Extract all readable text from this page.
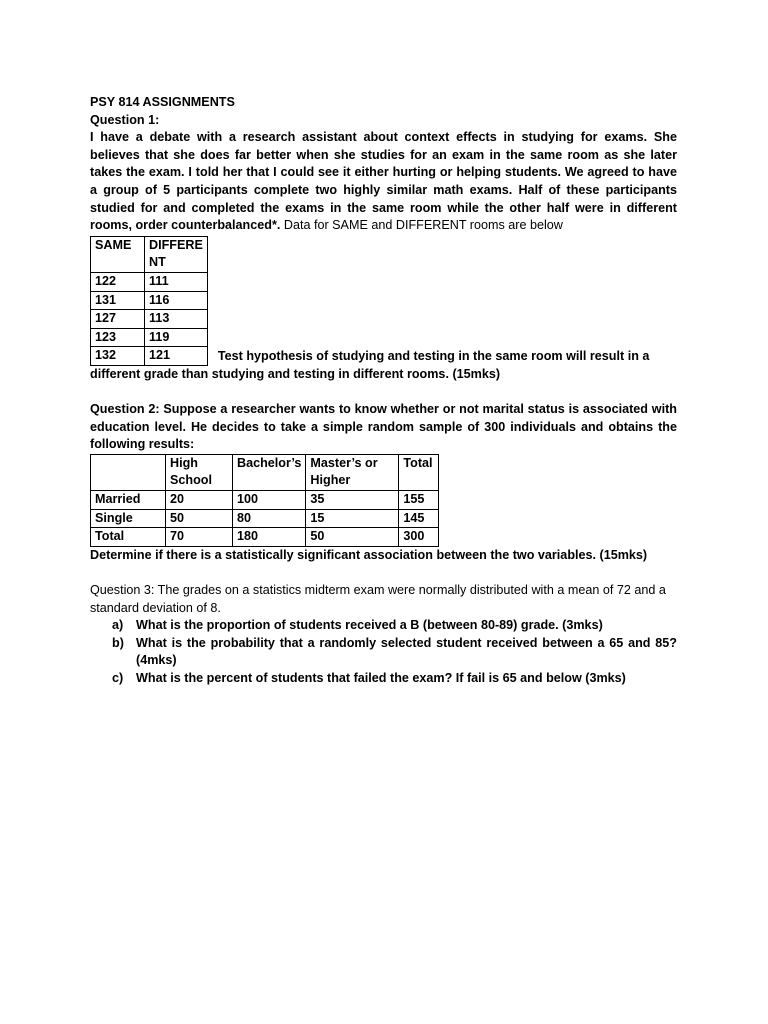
PSY 814 ASSIGNMENTS

Question 1:

I have a debate with a research assistant about context effects in studying for exams. She believes that she does far better when she studies for an exam in the same room as she later takes the exam. I told her that I could see it either hurting or helping students. We agreed to have a group of 5 participants complete two highly similar math exams. Half of these participants studied for and completed the exams in the same room while the other half were in different rooms, order counterbalanced*. Data for SAME and DIFFERENT rooms are below

SAME	DIFFERE NT
122	111
131	116
127	113
123	119
132	121	Test hypothesis of studying and testing in the same room will result in a

different grade than studying and testing in different rooms. (15mks)

Question 2: Suppose a researcher wants to know whether or not marital status is associated with education level. He decides to take a simple random sample of 300 individuals and obtains the following results:

	High School	Bachelor’s	Master’s or Higher	Total
Married	20	100	35	155
Single	50	80	15	145
Total	70	180	50	300

Determine if there is a statistically significant association between the two variables. (15mks)

Question 3: The grades on a statistics midterm exam were normally distributed with a mean of 72 and a standard deviation of 8.

a) What is the proportion of students received a B (between 80-89) grade. (3mks)
b) What is the probability that a randomly selected student received between a 65 and 85? (4mks)
c) What is the percent of students that failed the exam? If fail is 65 and below (3mks)
